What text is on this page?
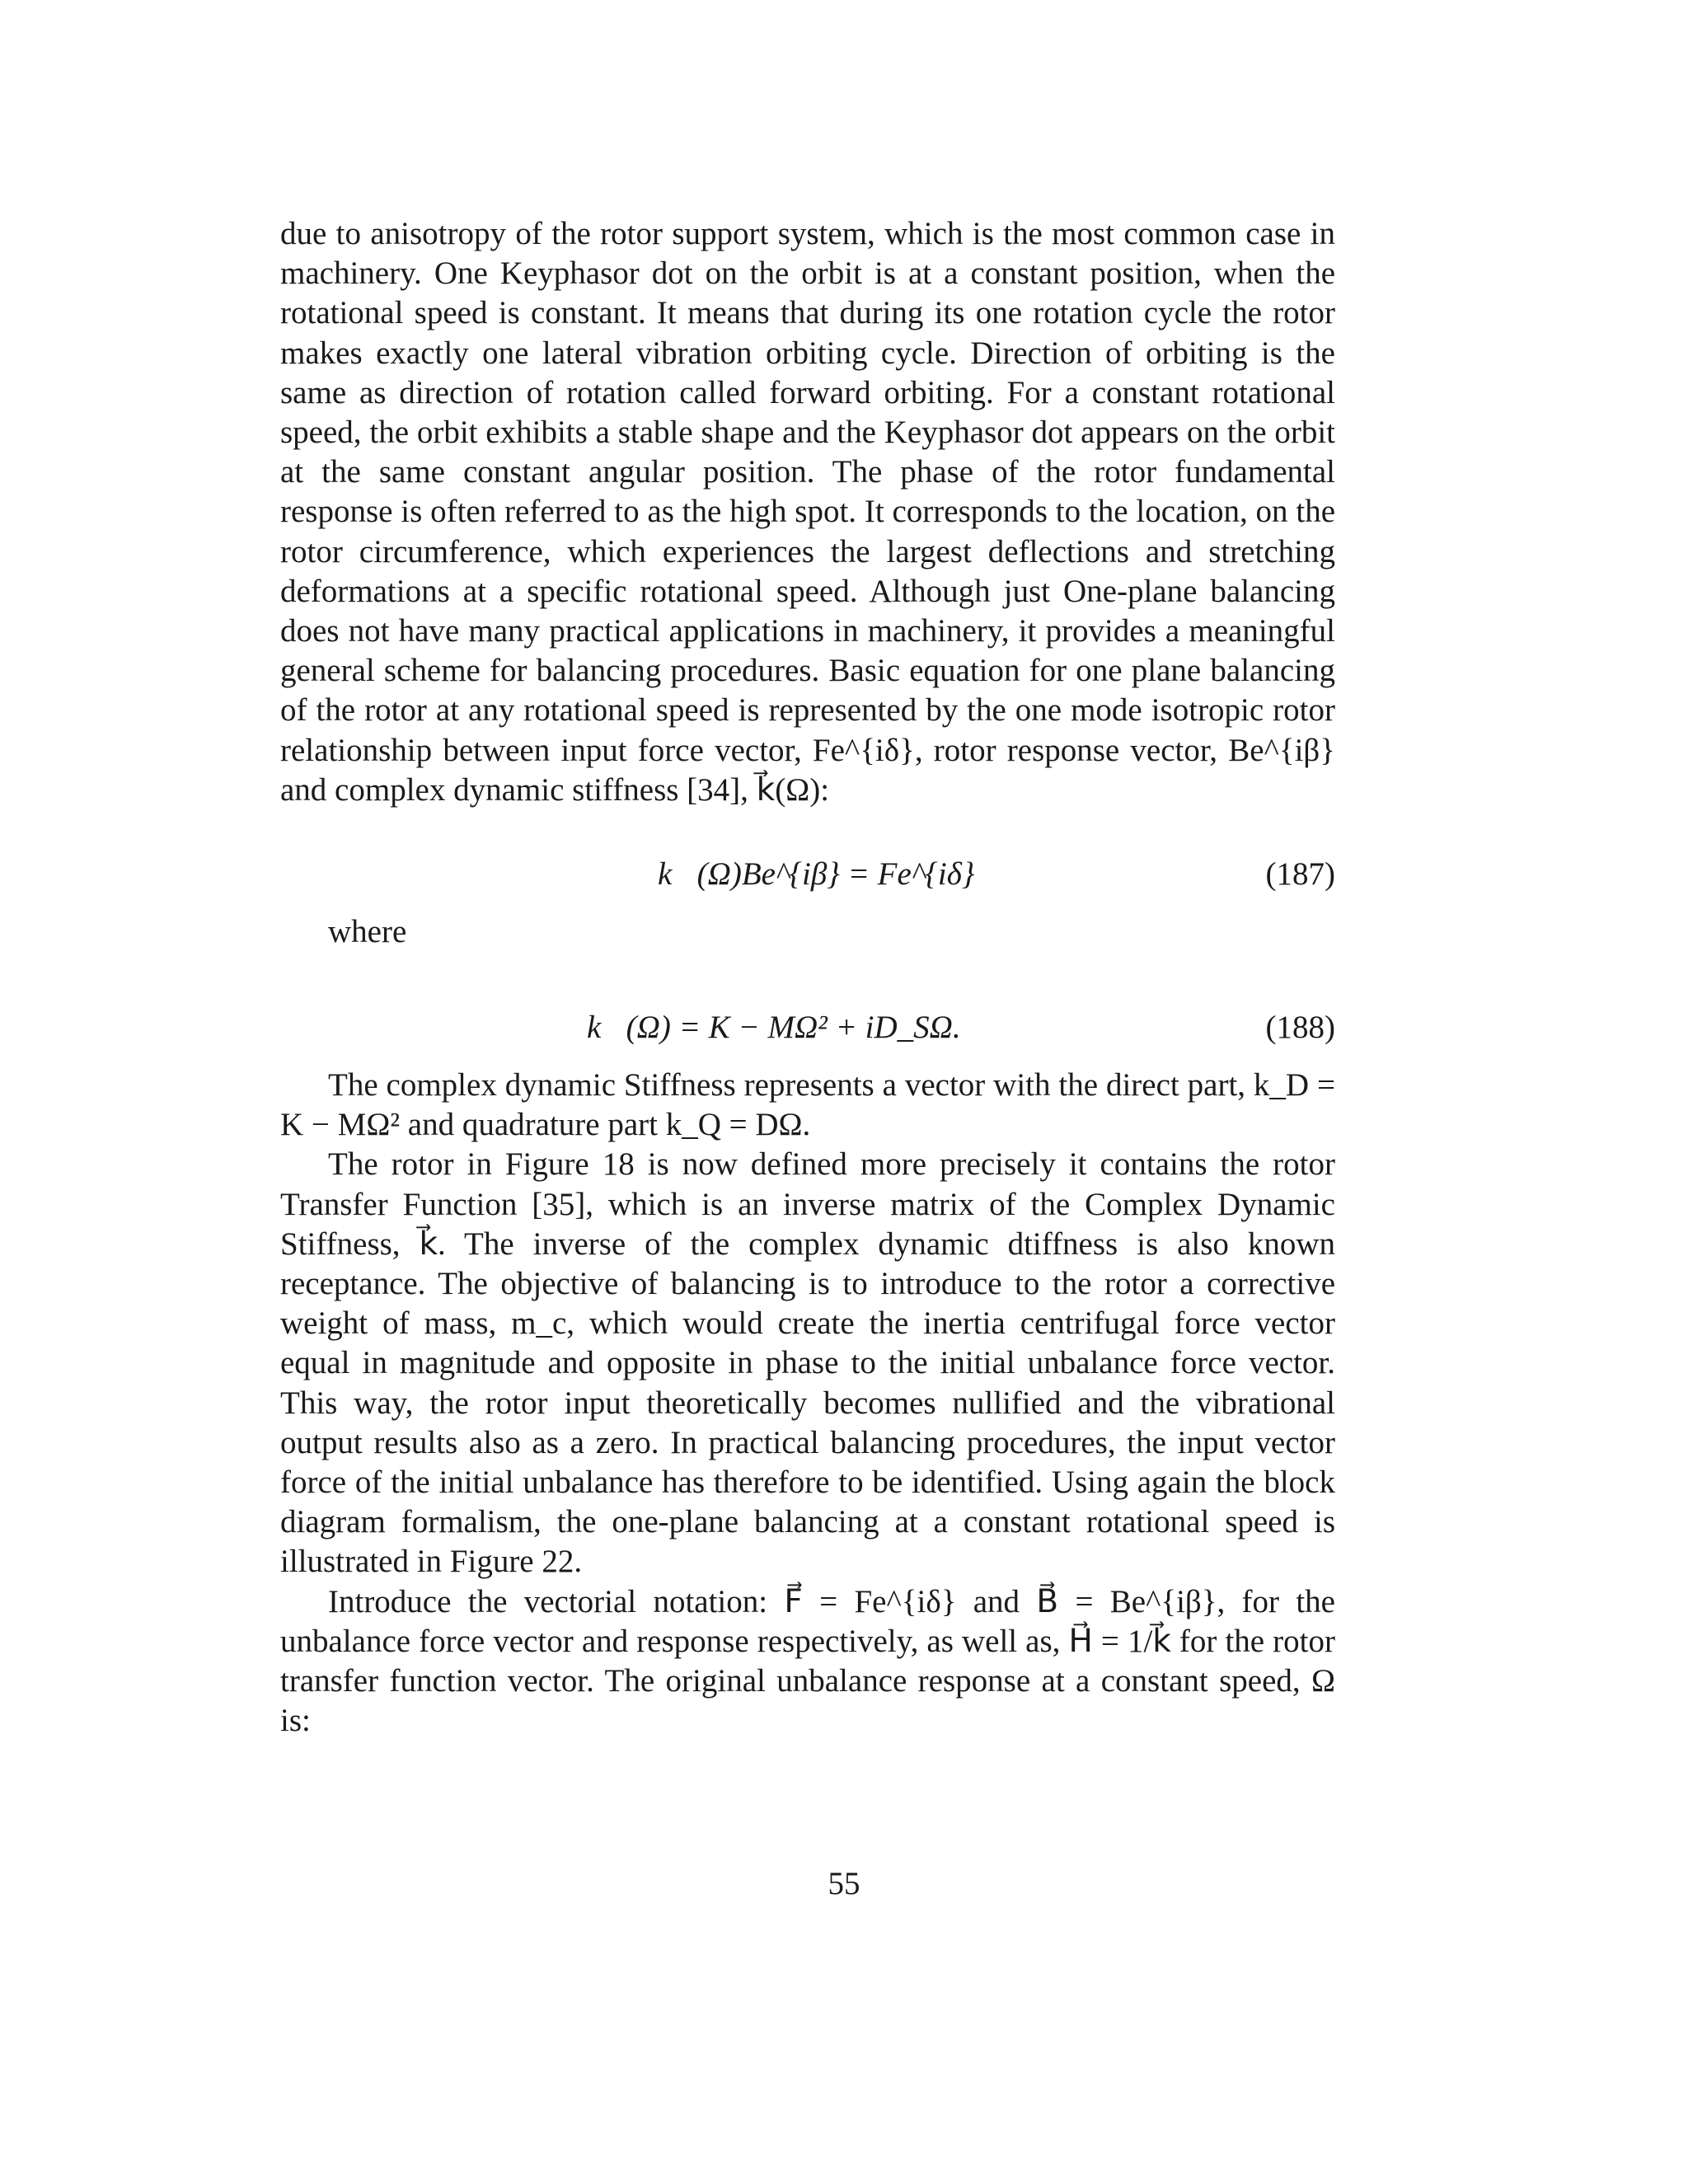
due to anisotropy of the rotor support system, which is the most common case in machinery. One Keyphasor dot on the orbit is at a constant position, when the rotational speed is constant. It means that during its one rotation cycle the rotor makes exactly one lateral vibration orbiting cycle. Direction of orbiting is the same as direction of rotation called forward orbiting. For a constant rotational speed, the orbit exhibits a stable shape and the Keyphasor dot appears on the orbit at the same constant angular position. The phase of the rotor fundamental response is often referred to as the high spot. It corresponds to the location, on the rotor circumference, which experiences the largest deflections and stretching deformations at a specific rotational speed. Although just One-plane balancing does not have many practical applications in machinery, it provides a meaningful general scheme for balancing procedures. Basic equation for one plane balancing of the rotor at any rotational speed is represented by the one mode isotropic rotor relationship between input force vector, Fe^{iδ}, rotor response vector, Be^{iβ} and complex dynamic stiffness [34], k⃗(Ω):

k⃗(Ω)Be^{iβ} = Fe^{iδ}	(187)

where

k⃗(Ω) = K − MΩ² + iD_SΩ.	(188)

The complex dynamic Stiffness represents a vector with the direct part, k_D = K − MΩ² and quadrature part k_Q = DΩ.

The rotor in Figure 18 is now defined more precisely it contains the rotor Transfer Function [35], which is an inverse matrix of the Complex Dynamic Stiffness, k⃗. The inverse of the complex dynamic dtiffness is also known receptance. The objective of balancing is to introduce to the rotor a corrective weight of mass, m_c, which would create the inertia centrifugal force vector equal in magnitude and opposite in phase to the initial unbalance force vector. This way, the rotor input theoretically becomes nullified and the vibrational output results also as a zero. In practical balancing procedures, the input vector force of the initial unbalance has therefore to be identified. Using again the block diagram formalism, the one-plane balancing at a constant rotational speed is illustrated in Figure 22.

Introduce the vectorial notation: F⃗ = Fe^{iδ} and B⃗ = Be^{iβ}, for the unbalance force vector and response respectively, as well as, H⃗ = 1/k⃗ for the rotor transfer function vector. The original unbalance response at a constant speed, Ω is:

55
